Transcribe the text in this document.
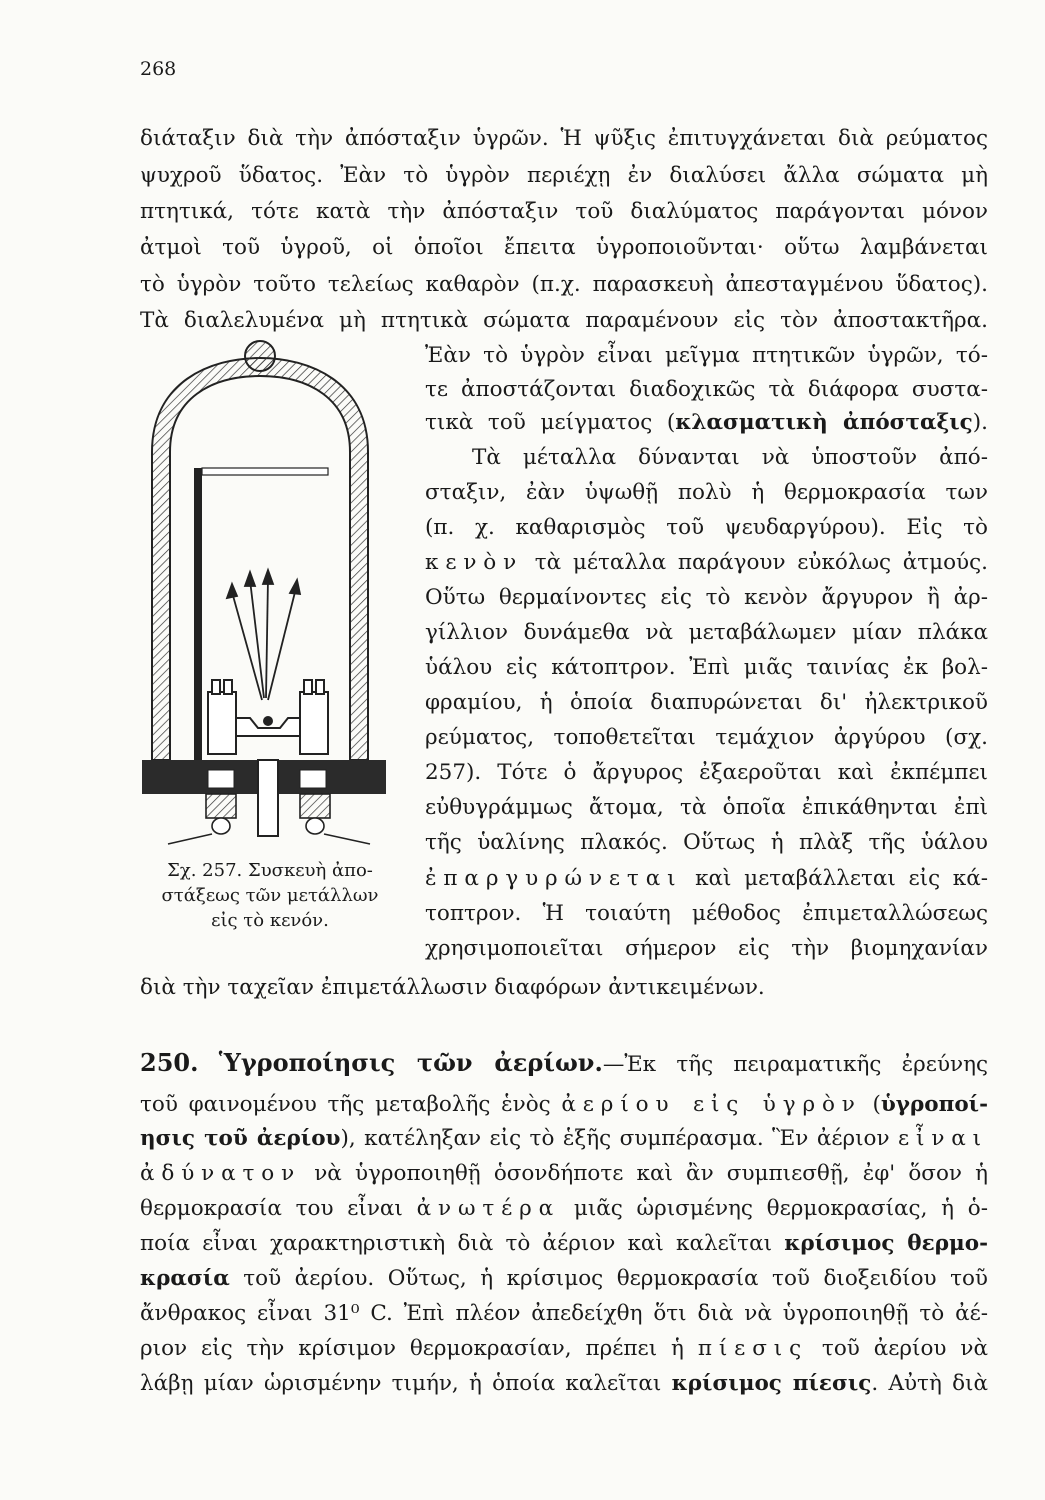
268
διάταξιν διὰ τὴν ἀπόσταξιν ὑγρῶν. Ἡ ψῦξις ἐπιτυγχάνεται διὰ ρεύματος
ψυχροῦ ὕδατος. Ἐὰν τὸ ὑγρὸν περιέχῃ ἐν διαλύσει ἄλλα σώματα μὴ
πτητικά, τότε κατὰ τὴν ἀπόσταξιν τοῦ διαλύματος παράγονται μόνον
ἀτμοὶ τοῦ ὑγροῦ, οἱ ὁποῖοι ἔπειτα ὑγροποιοῦνται· οὕτω λαμβάνεται
τὸ ὑγρὸν τοῦτο τελείως καθαρὸν (π.χ. παρασκευὴ ἀπεσταγμένου ὕδατος).
Τὰ διαλελυμένα μὴ πτητικὰ σώματα παραμένουν εἰς τὸν ἀποστακτῆρα.
Ἐὰν τὸ ὑγρὸν εἶναι μεῖγμα πτητικῶν ὑγρῶν, τό-
τε ἀποστάζονται διαδοχικῶς τὰ διάφορα συστα-
τικὰ τοῦ μείγματος (κλασματικὴ ἀπόσταξις).
Τὰ μέταλλα δύνανται νὰ ὑποστοῦν ἀπό-
σταξιν, ἐὰν ὑψωθῇ πολὺ ἡ θερμοκρασία των
(π. χ. καθαρισμὸς τοῦ ψευδαργύρου). Εἰς τὸ
κενὸν τὰ μέταλλα παράγουν εὐκόλως ἀτμούς.
Οὕτω θερμαίνοντες εἰς τὸ κενὸν ἄργυρον ἢ ἀρ-
γίλλιον δυνάμεθα νὰ μεταβάλωμεν μίαν πλάκα
ὑάλου εἰς κάτοπτρον. Ἐπὶ μιᾶς ταινίας ἐκ βολ-
φραμίου, ἡ ὁποία διαπυρώνεται δι' ἠλεκτρικοῦ
ρεύματος, τοποθετεῖται τεμάχιον ἀργύρου (σχ.
257). Τότε ὁ ἄργυρος ἐξαεροῦται καὶ ἐκπέμπει
εὐθυγράμμως ἄτομα, τὰ ὁποῖα ἐπικάθηνται ἐπὶ
τῆς ὑαλίνης πλακός. Οὕτως ἡ πλὰξ τῆς ὑάλου
ἐπαργυρώνεται καὶ μεταβάλλεται εἰς κά-
τοπτρον. Ἡ τοιαύτη μέθοδος ἐπιμεταλλώσεως
χρησιμοποιεῖται σήμερον εἰς τὴν βιομηχανίαν
διὰ τὴν ταχεῖαν ἐπιμετάλλωσιν διαφόρων ἀντικειμένων.
Σχ. 257. Συσκευὴ ἀπο-
στάξεως τῶν μετάλλων
εἰς τὸ κενόν.
250. Ὑγροποίησις τῶν ἀερίων.—Ἐκ τῆς πειραματικῆς ἐρεύνης
τοῦ φαινομένου τῆς μεταβολῆς ἑνὸς ἀερίου εἰς ὑγρὸν (ὑγροποί-
ησις τοῦ ἀερίου), κατέληξαν εἰς τὸ ἑξῆς συμπέρασμα. Ἓν ἀέριον εἶναι
ἀδύνατον νὰ ὑγροποιηθῇ ὁσονδήποτε καὶ ἂν συμπιεσθῇ, ἐφ' ὅσον ἡ
θερμοκρασία του εἶναι ἀνωτέρα μιᾶς ὡρισμένης θερμοκρασίας, ἡ ὁ-
ποία εἶναι χαρακτηριστικὴ διὰ τὸ ἀέριον καὶ καλεῖται κρίσιμος θερμο-
κρασία τοῦ ἀερίου. Οὕτως, ἡ κρίσιμος θερμοκρασία τοῦ διοξειδίου τοῦ
ἄνθρακος εἶναι 31⁰ C. Ἐπὶ πλέον ἀπεδείχθη ὅτι διὰ νὰ ὑγροποιηθῇ τὸ ἀέ-
ριον εἰς τὴν κρίσιμον θερμοκρασίαν, πρέπει ἡ πίεσις τοῦ ἀερίου νὰ
λάβῃ μίαν ὡρισμένην τιμήν, ἡ ὁποία καλεῖται κρίσιμος πίεσις. Αὐτὴ διὰ
